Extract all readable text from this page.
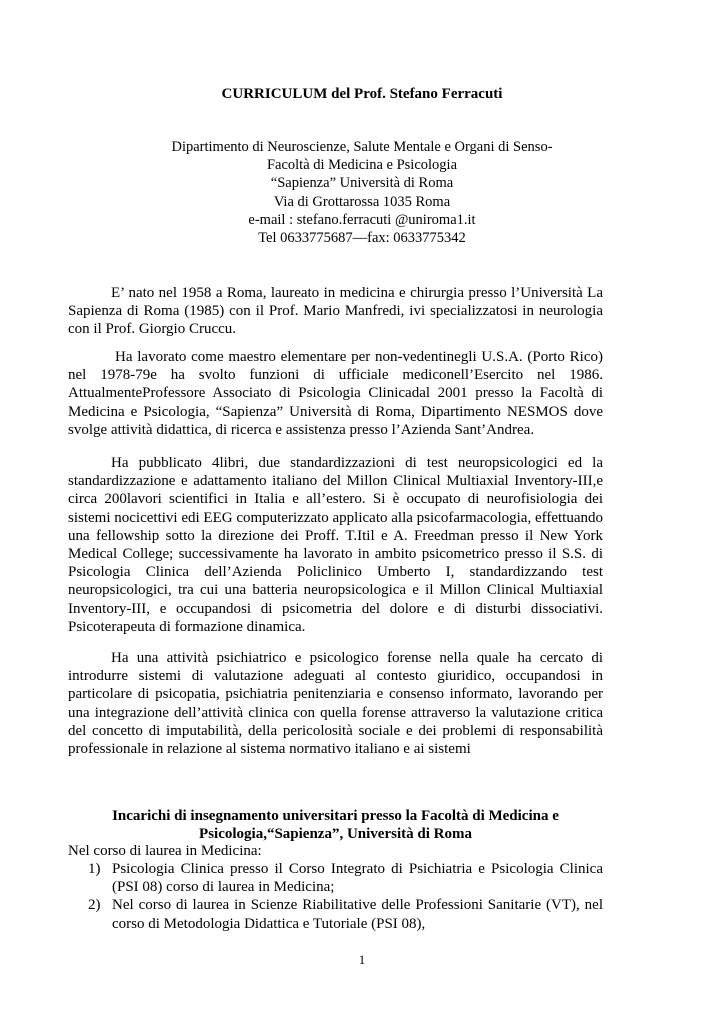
CURRICULUM del Prof. Stefano Ferracuti
Dipartimento di Neuroscienze, Salute Mentale e Organi di Senso-
Facoltà di Medicina e Psicologia
“Sapienza” Università di Roma
Via di Grottarossa 1035 Roma
e-mail : stefano.ferracuti @uniroma1.it
Tel 0633775687—fax: 0633775342

E’ nato nel 1958 a Roma, laureato in medicina e chirurgia presso l’Università La Sapienza di Roma (1985) con il Prof. Mario Manfredi, ivi specializzatosi in neurologia con il Prof. Giorgio Cruccu.

Ha lavorato come maestro elementare per non-vedentinegli U.S.A. (Porto Rico) nel 1978-79e ha svolto funzioni di ufficiale mediconell’Esercito nel 1986. AttualmenteProfessore Associato di Psicologia Clinicadal 2001 presso la Facoltà di Medicina e Psicologia, “Sapienza” Università di Roma, Dipartimento NESMOS dove svolge attività didattica, di ricerca e assistenza presso l’Azienda Sant’Andrea.

Ha pubblicato 4libri, due standardizzazioni di test neuropsicologici ed la standardizzazione e adattamento italiano del Millon Clinical Multiaxial Inventory-III,e circa 200lavori scientifici in Italia e all’estero. Si è occupato di neurofisiologia dei sistemi nocicettivi edi EEG computerizzato applicato alla psicofarmacologia, effettuando una fellowship sotto la direzione dei Proff. T.Itil e A. Freedman presso il New York Medical College; successivamente ha lavorato in ambito psicometrico presso il S.S. di Psicologia Clinica dell’Azienda Policlinico Umberto I, standardizzando test neuropsicologici, tra cui una batteria neuropsicologica e il Millon Clinical Multiaxial Inventory-III, e occupandosi di psicometria del dolore e di disturbi dissociativi. Psicoterapeuta di formazione dinamica.

Ha una attività psichiatrico e psicologico forense nella quale ha cercato di introdurre sistemi di valutazione adeguati al contesto giuridico, occupandosi in particolare di psicopatia, psichiatria penitenziaria e consenso informato, lavorando per una integrazione dell’attività clinica con quella forense attraverso la valutazione critica del concetto di imputabilità, della pericolosità sociale e dei problemi di responsabilità professionale in relazione al sistema normativo italiano e ai sistemi

Incarichi di insegnamento universitari presso la Facoltà di Medicina e
Psicologia,“Sapienza”, Università di Roma
Nel corso di laurea in Medicina:
1) Psicologia Clinica presso il Corso Integrato di Psichiatria e Psicologia Clinica (PSI 08) corso di laurea in Medicina;
2) Nel corso di laurea in Scienze Riabilitative delle Professioni Sanitarie (VT), nel corso di Metodologia Didattica e Tutoriale (PSI 08),
1
